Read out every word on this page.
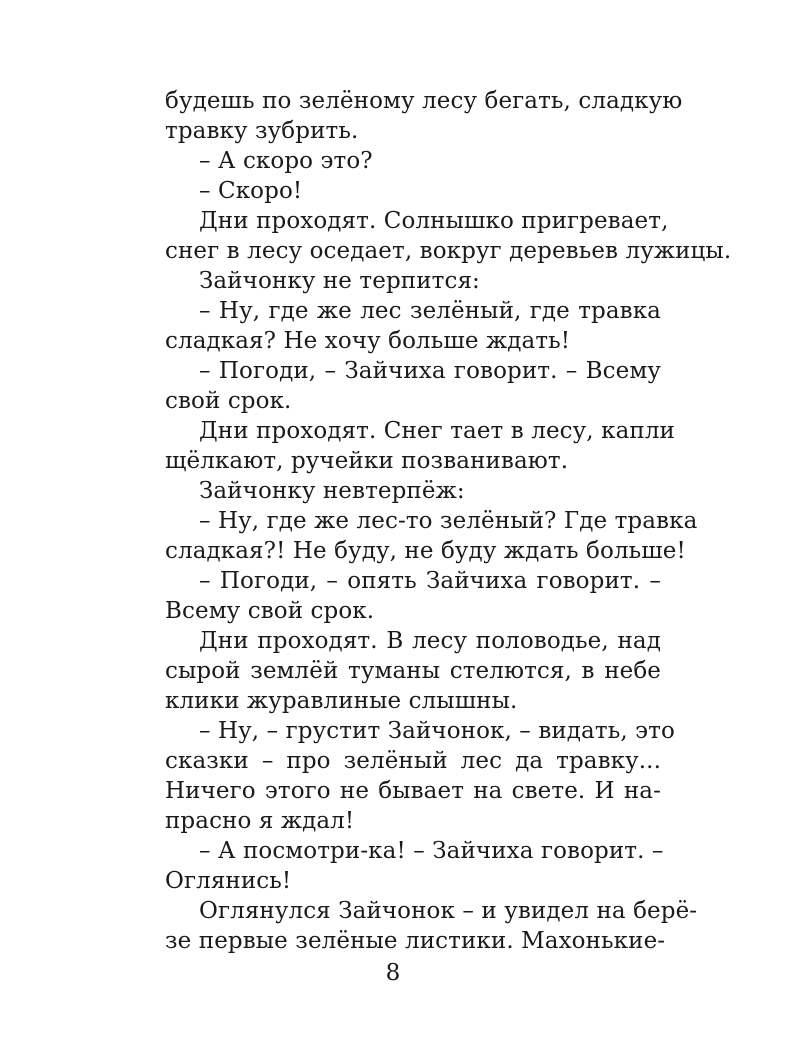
будешь по зелёному лесу бегать, сладкую
травку зубрить.
– А скоро это?
– Скоро!
Дни проходят. Солнышко пригревает,
снег в лесу оседает, вокруг деревьев лужицы.
Зайчонку не терпится:
– Ну, где же лес зелёный, где травка
сладкая? Не хочу больше ждать!
– Погоди, – Зайчиха говорит. – Всему
свой срок.
Дни проходят. Снег тает в лесу, капли
щёлкают, ручейки позванивают.
Зайчонку невтерпёж:
– Ну, где же лес-то зелёный? Где травка
сладкая?! Не буду, не буду ждать больше!
– Погоди, – опять Зайчиха говорит. –
Всему свой срок.
Дни проходят. В лесу половодье, над
сырой землёй туманы стелются, в небе
клики журавлиные слышны.
– Ну, – грустит Зайчонок, – видать, это
сказки – про зелёный лес да травку...
Ничего этого не бывает на свете. И на-
прасно я ждал!
– А посмотри-ка! – Зайчиха говорит. –
Оглянись!
Оглянулся Зайчонок – и увидел на берё-
зе первые зелёные листики. Махонькие-
8
